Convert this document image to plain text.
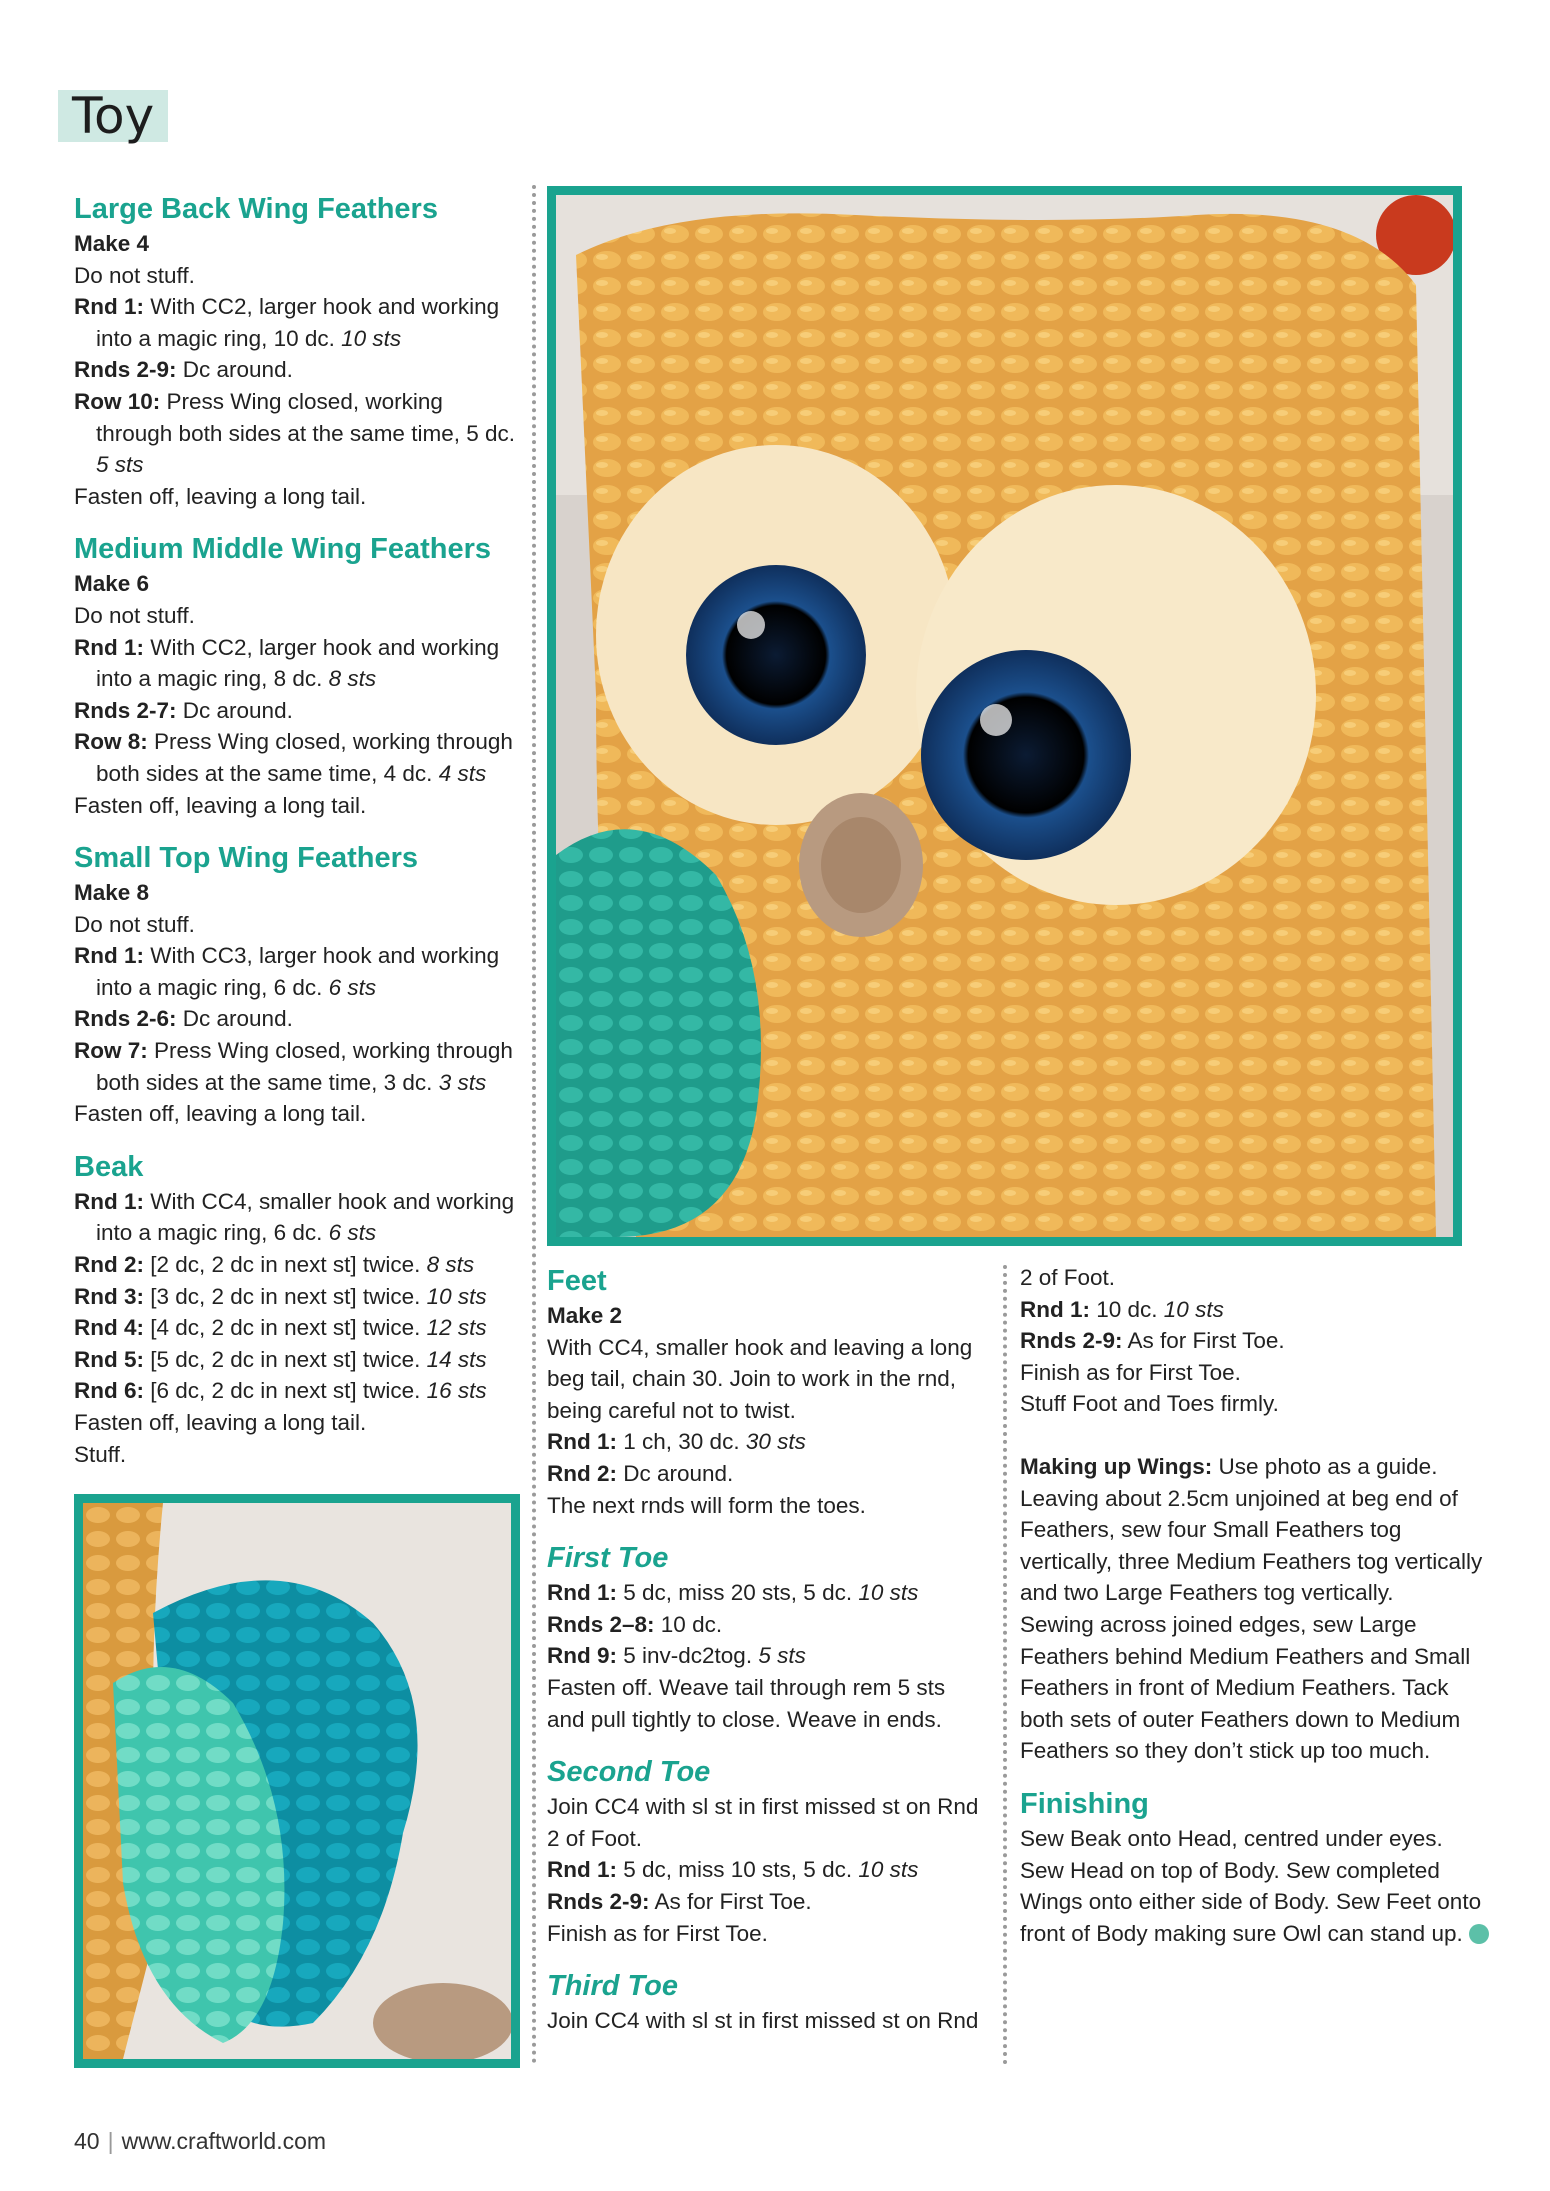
Toy
Large Back Wing Feathers
Make 4
Do not stuff.
Rnd 1: With CC2, larger hook and working into a magic ring, 10 dc. 10 sts
Rnds 2-9: Dc around.
Row 10: Press Wing closed, working through both sides at the same time, 5 dc. 5 sts
Fasten off, leaving a long tail.
Medium Middle Wing Feathers
Make 6
Do not stuff.
Rnd 1: With CC2, larger hook and working into a magic ring, 8 dc. 8 sts
Rnds 2-7: Dc around.
Row 8: Press Wing closed, working through both sides at the same time, 4 dc. 4 sts
Fasten off, leaving a long tail.
Small Top Wing Feathers
Make 8
Do not stuff.
Rnd 1: With CC3, larger hook and working into a magic ring, 6 dc. 6 sts
Rnds 2-6: Dc around.
Row 7: Press Wing closed, working through both sides at the same time, 3 dc. 3 sts
Fasten off, leaving a long tail.
Beak
Rnd 1: With CC4, smaller hook and working into a magic ring, 6 dc. 6 sts
Rnd 2: [2 dc, 2 dc in next st] twice. 8 sts
Rnd 3: [3 dc, 2 dc in next st] twice. 10 sts
Rnd 4: [4 dc, 2 dc in next st] twice. 12 sts
Rnd 5: [5 dc, 2 dc in next st] twice. 14 sts
Rnd 6: [6 dc, 2 dc in next st] twice. 16 sts
Fasten off, leaving a long tail.
Stuff.
Feet
Make 2
With CC4, smaller hook and leaving a long beg tail, chain 30. Join to work in the rnd, being careful not to twist.
Rnd 1: 1 ch, 30 dc. 30 sts
Rnd 2: Dc around.
The next rnds will form the toes.
First Toe
Rnd 1: 5 dc, miss 20 sts, 5 dc. 10 sts
Rnds 2–8: 10 dc.
Rnd 9: 5 inv-dc2tog. 5 sts
Fasten off. Weave tail through rem 5 sts and pull tightly to close. Weave in ends.
Second Toe
Join CC4 with sl st in first missed st on Rnd 2 of Foot.
Rnd 1: 5 dc, miss 10 sts, 5 dc. 10 sts
Rnds 2-9: As for First Toe.
Finish as for First Toe.
Third Toe
Join CC4 with sl st in first missed st on Rnd
2 of Foot.
Rnd 1: 10 dc. 10 sts
Rnds 2-9: As for First Toe.
Finish as for First Toe.
Stuff Foot and Toes firmly.
Making up Wings: Use photo as a guide. Leaving about 2.5cm unjoined at beg end of Feathers, sew four Small Feathers tog vertically, three Medium Feathers tog vertically and two Large Feathers tog vertically.
Sewing across joined edges, sew Large Feathers behind Medium Feathers and Small Feathers in front of Medium Feathers. Tack both sets of outer Feathers down to Medium Feathers so they don’t stick up too much.
Finishing
Sew Beak onto Head, centred under eyes. Sew Head on top of Body. Sew completed Wings onto either side of Body. Sew Feet onto front of Body making sure Owl can stand up.
40 | www.craftworld.com
